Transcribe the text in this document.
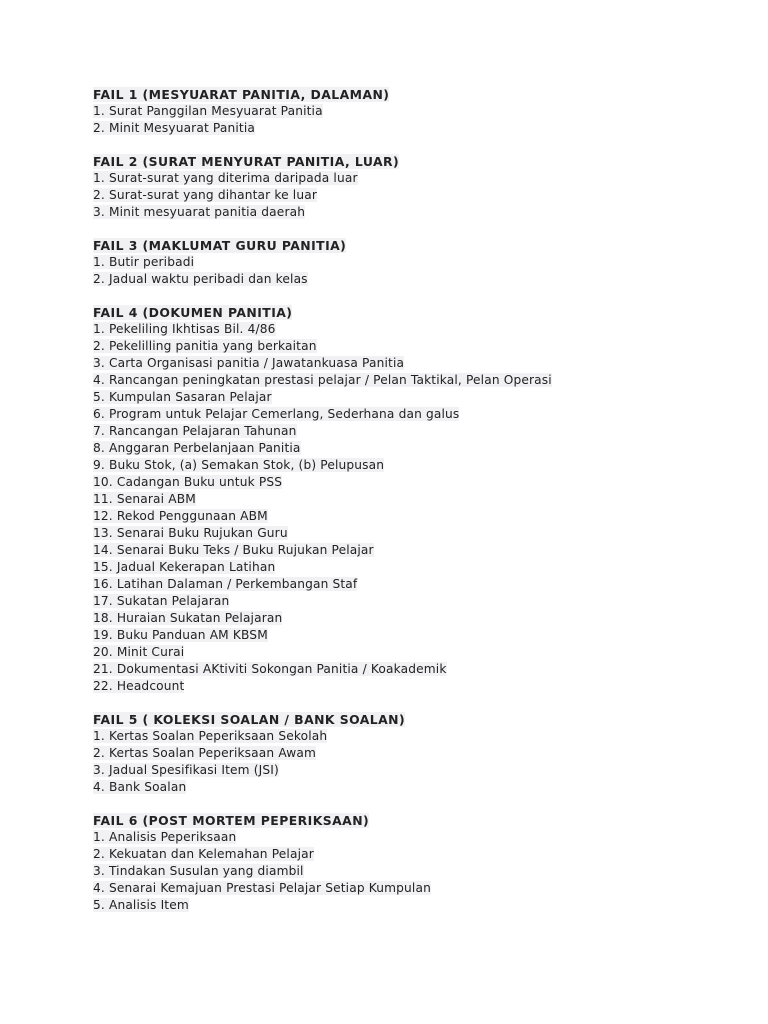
FAIL 1 (MESYUARAT PANITIA, DALAMAN)
1. Surat Panggilan Mesyuarat Panitia
2. Minit Mesyuarat Panitia
FAIL 2 (SURAT MENYURAT PANITIA, LUAR)
1. Surat-surat yang diterima daripada luar
2. Surat-surat yang dihantar ke luar
3. Minit mesyuarat panitia daerah
FAIL 3 (MAKLUMAT GURU PANITIA)
1. Butir peribadi
2. Jadual waktu peribadi dan kelas
FAIL 4 (DOKUMEN PANITIA)
1. Pekeliling Ikhtisas Bil. 4/86
2. Pekelilling panitia yang berkaitan
3. Carta Organisasi panitia / Jawatankuasa Panitia
4. Rancangan peningkatan prestasi pelajar / Pelan Taktikal, Pelan Operasi
5. Kumpulan Sasaran Pelajar
6. Program untuk Pelajar Cemerlang, Sederhana dan galus
7. Rancangan Pelajaran Tahunan
8. Anggaran Perbelanjaan Panitia
9. Buku Stok, (a) Semakan Stok, (b) Pelupusan
10. Cadangan Buku untuk PSS
11. Senarai ABM
12. Rekod Penggunaan ABM
13. Senarai Buku Rujukan Guru
14. Senarai Buku Teks / Buku Rujukan Pelajar
15. Jadual Kekerapan Latihan
16. Latihan Dalaman / Perkembangan Staf
17. Sukatan Pelajaran
18. Huraian Sukatan Pelajaran
19. Buku Panduan AM KBSM
20. Minit Curai
21. Dokumentasi AKtiviti Sokongan Panitia / Koakademik
22. Headcount
FAIL 5 ( KOLEKSI SOALAN / BANK SOALAN)
1. Kertas Soalan Peperiksaan Sekolah
2. Kertas Soalan Peperiksaan Awam
3. Jadual Spesifikasi Item (JSI)
4. Bank Soalan
FAIL 6 (POST MORTEM PEPERIKSAAN)
1. Analisis Peperiksaan
2. Kekuatan dan Kelemahan Pelajar
3. Tindakan Susulan yang diambil
4. Senarai Kemajuan Prestasi Pelajar Setiap Kumpulan
5. Analisis Item
